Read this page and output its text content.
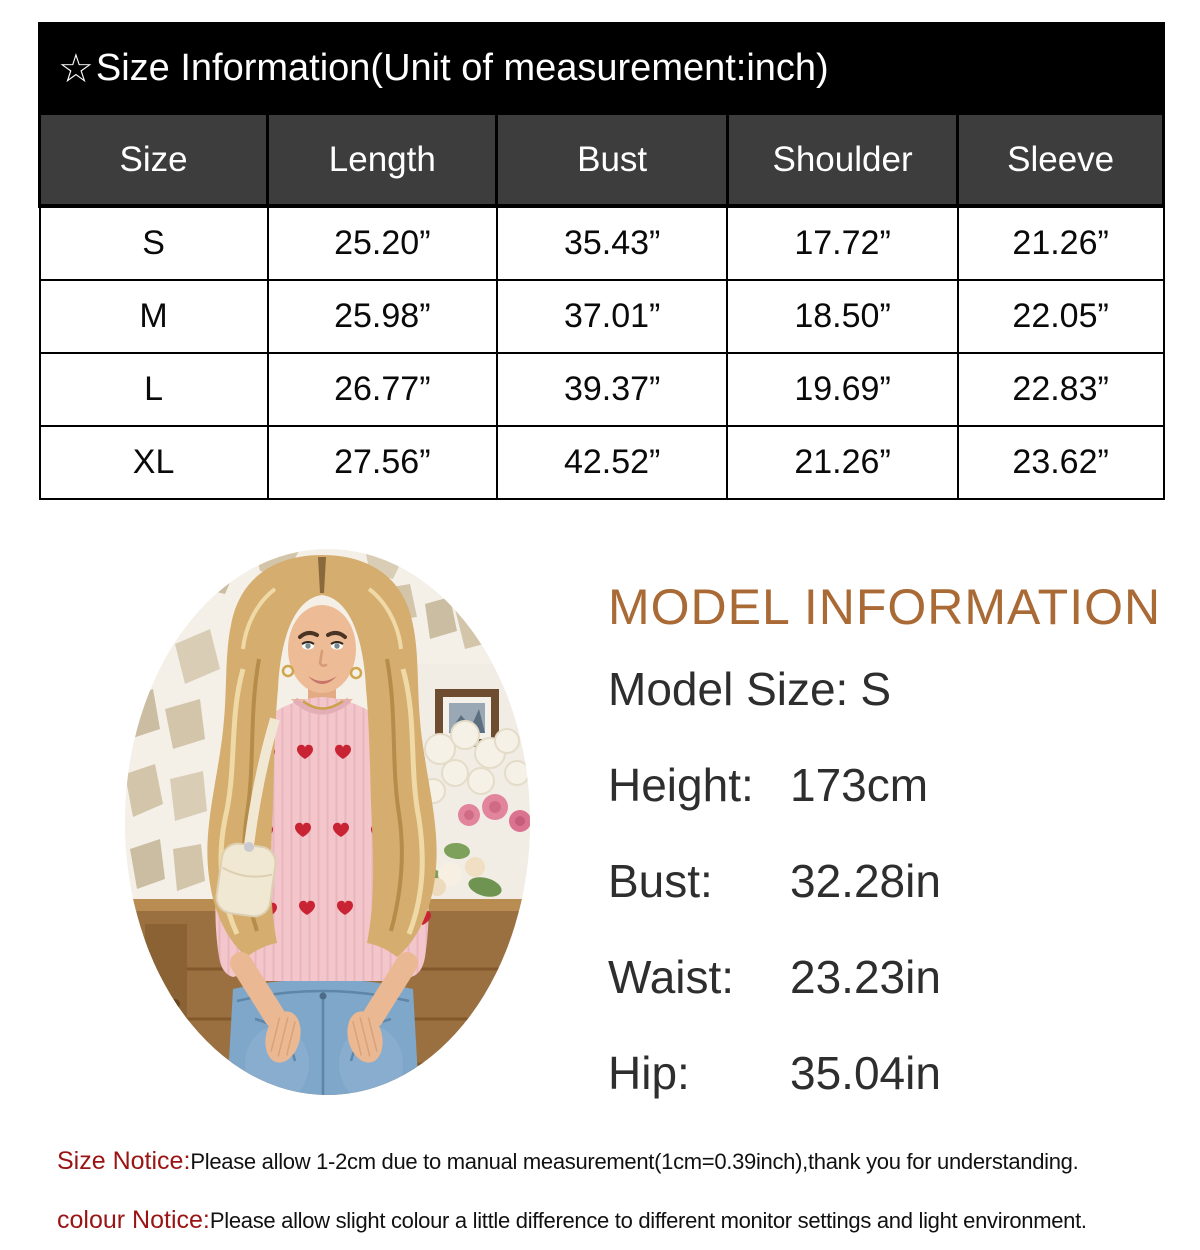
☆ Size Information(Unit of measurement:inch)
Size	Length	Bust	Shoulder	Sleeve
S	25.20”	35.43”	17.72”	21.26”
M	25.98”	37.01”	18.50”	22.05”
L	26.77”	39.37”	19.69”	22.83”
XL	27.56”	42.52”	21.26”	23.62”
MODEL INFORMATION
Model Size: S
Height: 173cm
Bust:	32.28in
Waist:	23.23in
Hip:	35.04in

Size Notice:Please allow 1-2cm due to manual measurement(1cm=0.39inch),thank you for understanding.

colour Notice:Please allow slight colour a little difference to different monitor settings and light environment.
